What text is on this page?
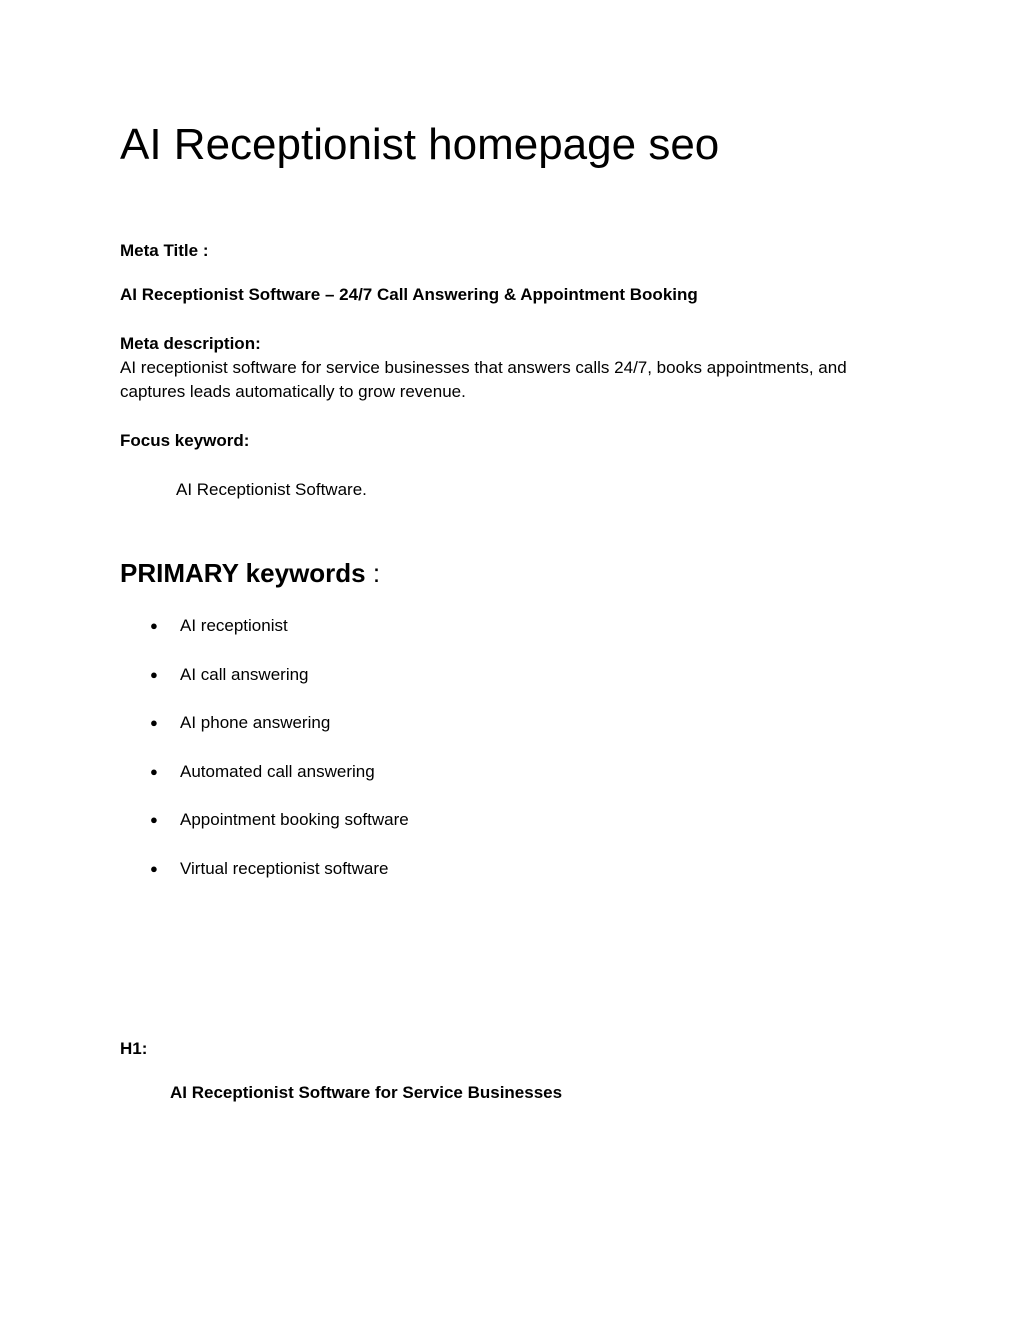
AI Receptionist homepage seo
Meta Title :
AI Receptionist Software – 24/7 Call Answering & Appointment Booking
Meta description:
AI receptionist software for service businesses that answers calls 24/7, books appointments, and captures leads automatically to grow revenue.
Focus keyword:
AI Receptionist Software.
PRIMARY keywords :
● AI receptionist
● AI call answering
● AI phone answering
● Automated call answering
● Appointment booking software
● Virtual receptionist software
H1:
AI Receptionist Software for Service Businesses
